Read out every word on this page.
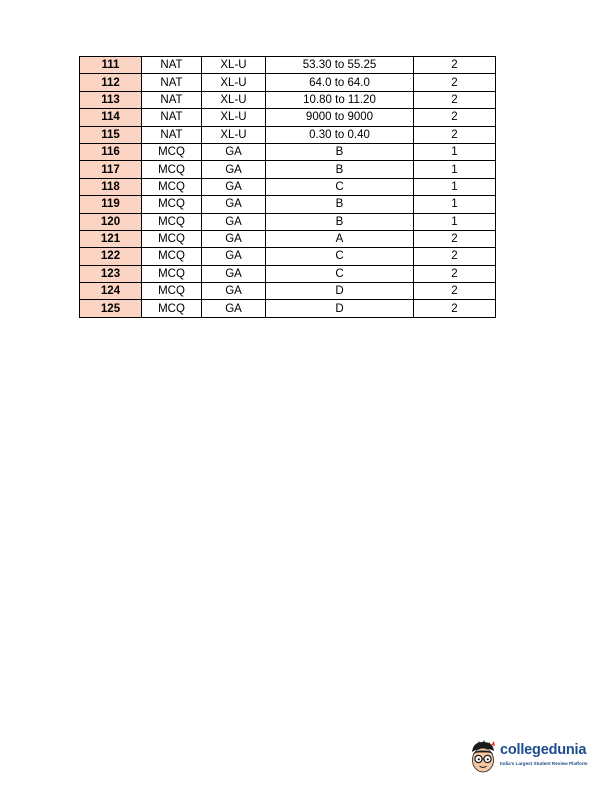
111	NAT	XL-U	53.30 to 55.25	2
112	NAT	XL-U	64.0 to 64.0	2
113	NAT	XL-U	10.80 to 11.20	2
114	NAT	XL-U	9000 to 9000	2
115	NAT	XL-U	0.30 to 0.40	2
116	MCQ	GA	B	1
117	MCQ	GA	B	1
118	MCQ	GA	C	1
119	MCQ	GA	B	1
120	MCQ	GA	B	1
121	MCQ	GA	A	2
122	MCQ	GA	C	2
123	MCQ	GA	C	2
124	MCQ	GA	D	2
125	MCQ	GA	D	2
collegedunia
India's Largest Student Review Platform
